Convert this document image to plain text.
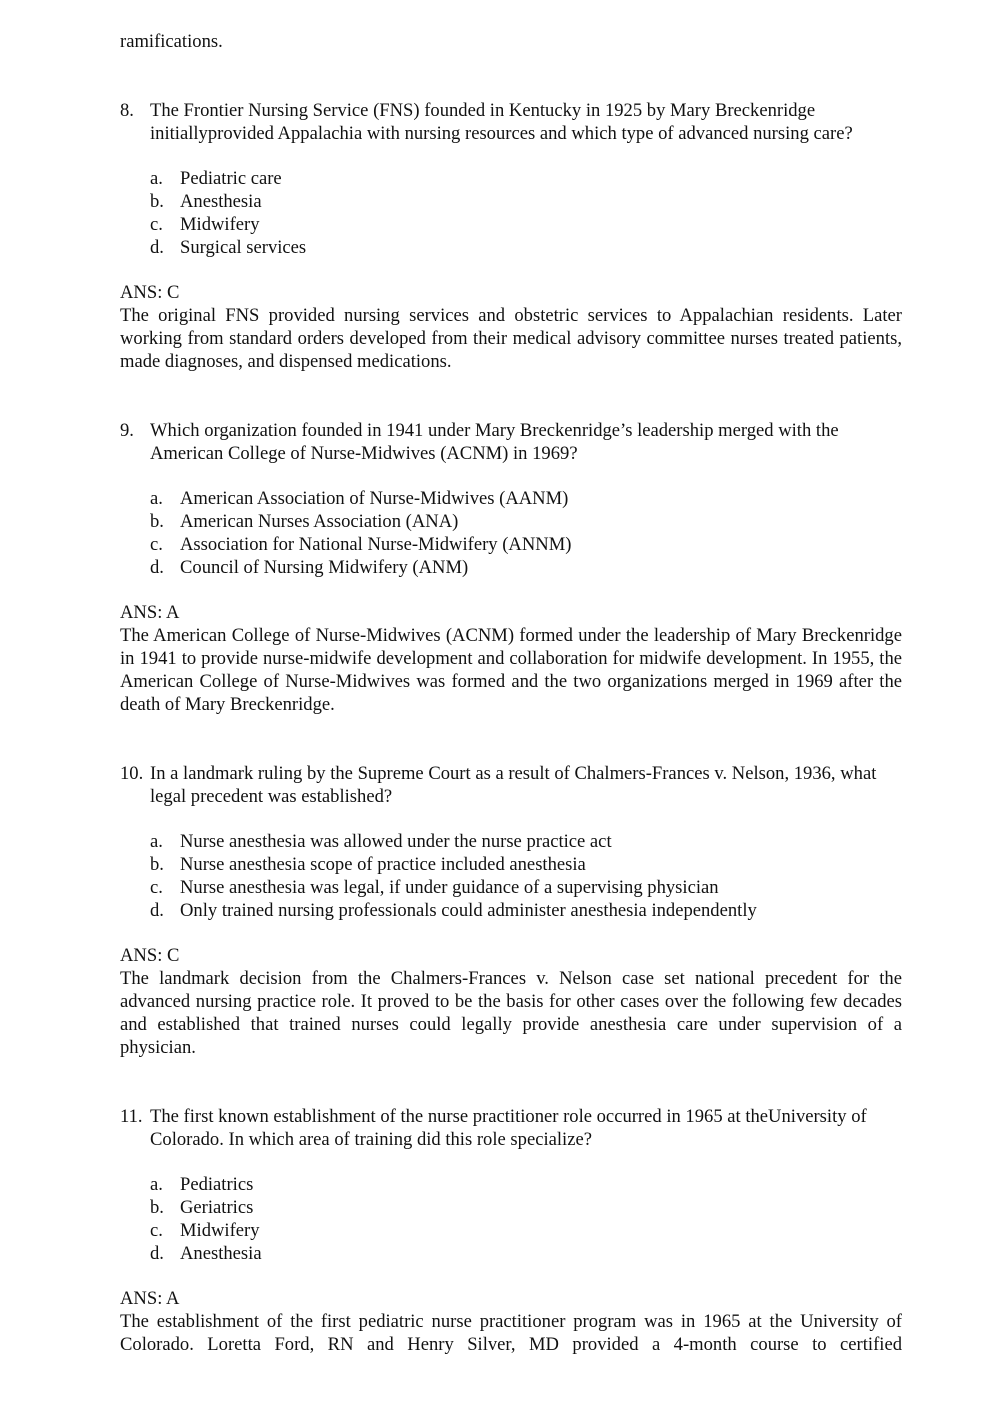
ramifications.

8. The Frontier Nursing Service (FNS) founded in Kentucky in 1925 by Mary Breckenridge initiallyprovided Appalachia with nursing resources and which type of advanced nursing care?

a. Pediatric care
b. Anesthesia
c. Midwifery
d. Surgical services

ANS: C

The original FNS provided nursing services and obstetric services to Appalachian residents. Later working from standard orders developed from their medical advisory committee nurses treated patients, made diagnoses, and dispensed medications.

9. Which organization founded in 1941 under Mary Breckenridge’s leadership merged with the American College of Nurse-Midwives (ACNM) in 1969?

a. American Association of Nurse-Midwives (AANM)
b. American Nurses Association (ANA)
c. Association for National Nurse-Midwifery (ANNM)
d. Council of Nursing Midwifery (ANM)

ANS: A

The American College of Nurse-Midwives (ACNM) formed under the leadership of Mary Breckenridge in 1941 to provide nurse-midwife development and collaboration for midwife development. In 1955, the American College of Nurse-Midwives was formed and the two organizations merged in 1969 after the death of Mary Breckenridge.

10. In a landmark ruling by the Supreme Court as a result of Chalmers-Frances v. Nelson, 1936, what legal precedent was established?

a. Nurse anesthesia was allowed under the nurse practice act
b. Nurse anesthesia scope of practice included anesthesia
c. Nurse anesthesia was legal, if under guidance of a supervising physician
d. Only trained nursing professionals could administer anesthesia independently

ANS: C

The landmark decision from the Chalmers-Frances v. Nelson case set national precedent for the advanced nursing practice role. It proved to be the basis for other cases over the following few decades and established that trained nurses could legally provide anesthesia care under supervision of a physician.

11. The first known establishment of the nurse practitioner role occurred in 1965 at theUniversity of Colorado. In which area of training did this role specialize?

a. Pediatrics
b. Geriatrics
c. Midwifery
d. Anesthesia

ANS: A

The establishment of the first pediatric nurse practitioner program was in 1965 at the University of Colorado. Loretta Ford, RN and Henry Silver, MD provided a 4-month course to certified
